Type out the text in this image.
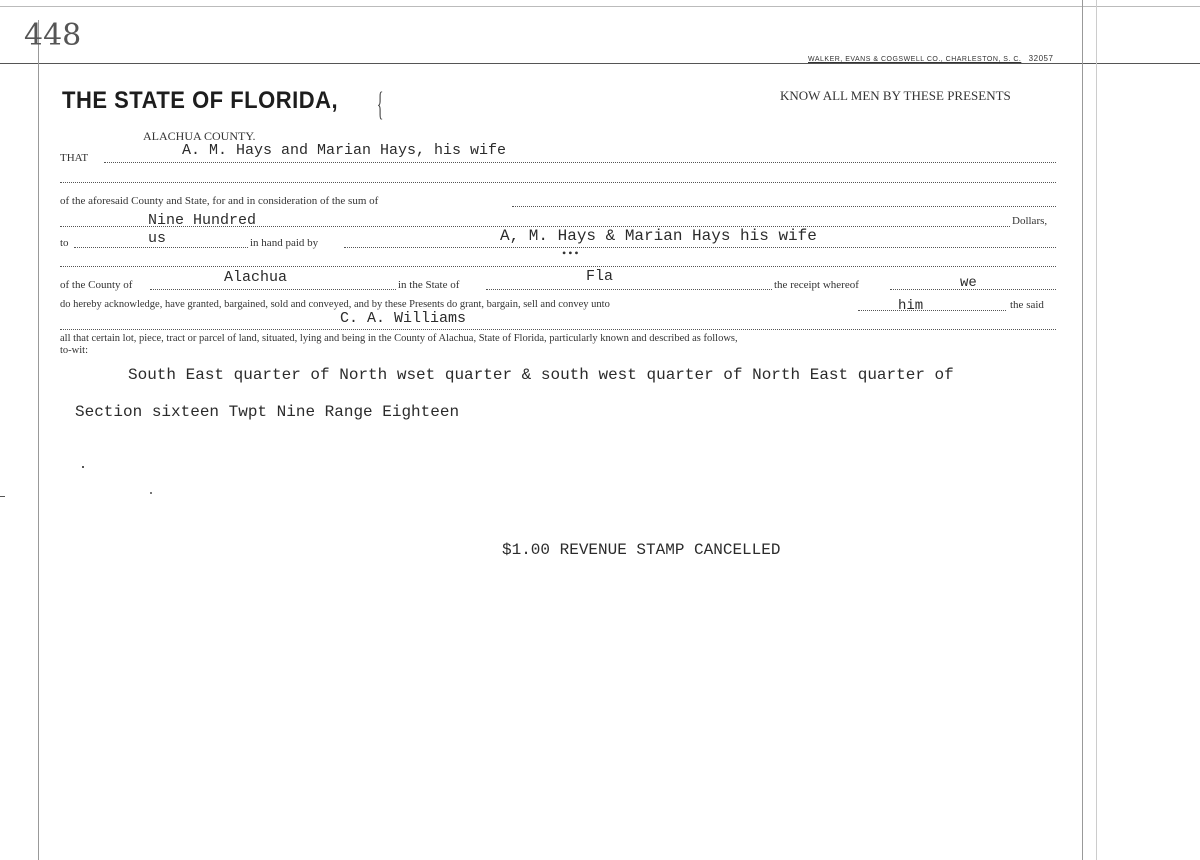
448
WALKER, EVANS & COGSWELL CO., CHARLESTON, S. C. 32057
THE STATE OF FLORIDA, {
ALACHUA COUNTY.
KNOW ALL MEN BY THESE PRESENTS
THAT	A. M. Hays and Marian Hays, his wife
of the aforesaid County and State, for and in consideration of the sum of
Nine Hundred	Dollars,
to	us	in hand paid by	A, M. Hays & Marian Hays his wife
•••
of the County of	Alachua	in the State of	Fla	the receipt whereof	we
do hereby acknowledge, have granted, bargained, sold and conveyed, and by these Presents do grant, bargain, sell and convey unto	him	the said
C. A. Williams
all that certain lot, piece, tract or parcel of land, situated, lying and being in the County of Alachua, State of Florida, particularly known and described as follows,
to-wit:
South East quarter of North wset quarter & south west quarter of North East quarter of
Section sixteen Twpt Nine Range Eighteen
$1.00 REVENUE STAMP CANCELLED
